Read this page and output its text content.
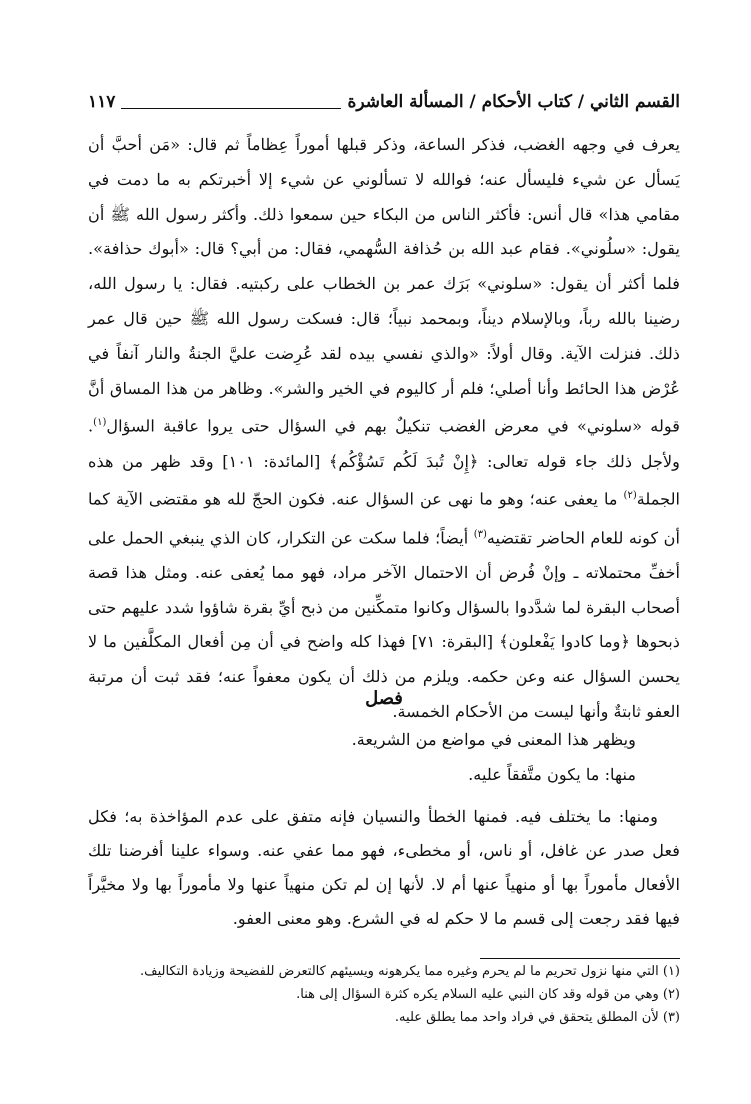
القسم الثاني / كتاب الأحكام / المسألة العاشرة
١١٧

يعرف في وجهه الغضب، فذكر الساعة، وذكر قبلها أموراً عِظاماً ثم قال: «مَن أحبَّ أن يَسأل عن شيء فليسأل عنه؛ فوالله لا تسألوني عن شيء إلا أخبرتكم به ما دمت في مقامي هذا» قال أنس: فأكثر الناس من البكاء حين سمعوا ذلك. وأكثر رسول الله ﷺ أن يقول: «سلُوني». فقام عبد الله بن حُذافة السُّهمي، فقال: من أبي؟ قال: «أبوك حذافة». فلما أكثر أن يقول: «سلوني» بَرَك عمر بن الخطاب على ركبتيه. فقال: يا رسول الله، رضينا بالله رباً، وبالإسلام ديناً، وبمحمد نبياً؛ قال: فسكت رسول الله ﷺ حين قال عمر ذلك. فنزلت الآية. وقال أولاً: «والذي نفسي بيده لقد عُرِضت عليَّ الجنةُ والنار آنفاً في عُرْض هذا الحائط وأنا أصلي؛ فلم أر كاليوم في الخير والشر». وظاهر من هذا المساق أنَّ قوله «سلوني» في معرض الغضب تنكيلٌ بهم في السؤال حتى يروا عاقبة السؤال$^{(١)}$. ولأجل ذلك جاء قوله تعالى: ﴿إِنْ تُبدَ لَكُم تَسُؤْكُم﴾ [المائدة: ١٠١] وقد ظهر من هذه الجملة$^{(٢)}$ ما يعفى عنه؛ وهو ما نهى عن السؤال عنه. فكون الحجّ لله هو مقتضى الآية كما أن كونه للعام الحاضر تقتضيه$^{(٣)}$ أيضاً؛ فلما سكت عن التكرار، كان الذي ينبغي الحمل على أخفِّ محتملاته ـ وإنْ فُرض أن الاحتمال الآخر مراد، فهو مما يُعفى عنه. ومثل هذا قصة أصحاب البقرة لما شدَّدوا بالسؤال وكانوا متمكِّنين من ذبح أيِّ بقرة شاؤوا شدد عليهم حتى ذبحوها ﴿وما كادوا يَفْعلون﴾ [البقرة: ٧١] فهذا كله واضح في أن مِن أفعال المكلَّفين ما لا يحسن السؤال عنه وعن حكمه. ويلزم من ذلك أن يكون معفواً عنه؛ فقد ثبت أن مرتبة العفو ثابتةٌ وأنها ليست من الأحكام الخمسة.

فصل
ويظهر هذا المعنى في مواضع من الشريعة.
منها: ما يكون متَّفقاً عليه.
ومنها: ما يختلف فيه. فمنها الخطأ والنسيان فإنه متفق على عدم المؤاخذة به؛ فكل فعل صدر عن غافل، أو ناس، أو مخطىء، فهو مما عفي عنه. وسواء علينا أفرضنا تلك الأفعال مأموراً بها أو منهياً عنها أم لا. لأنها إن لم تكن منهياً عنها ولا مأموراً بها ولا مخيَّراً فيها فقد رجعت إلى قسم ما لا حكم له في الشرع. وهو معنى العفو.
(١) التي منها نزول تحريم ما لم يحرم وغيره مما يكرهونه ويسيئهم كالتعرض للفضيحة وزيادة التكاليف.
(٢) وهي من قوله وقد كان النبي عليه السلام يكره كثرة السؤال إلى هنا.
(٣) لأن المطلق يتحقق في فراد واحد مما يطلق عليه.
